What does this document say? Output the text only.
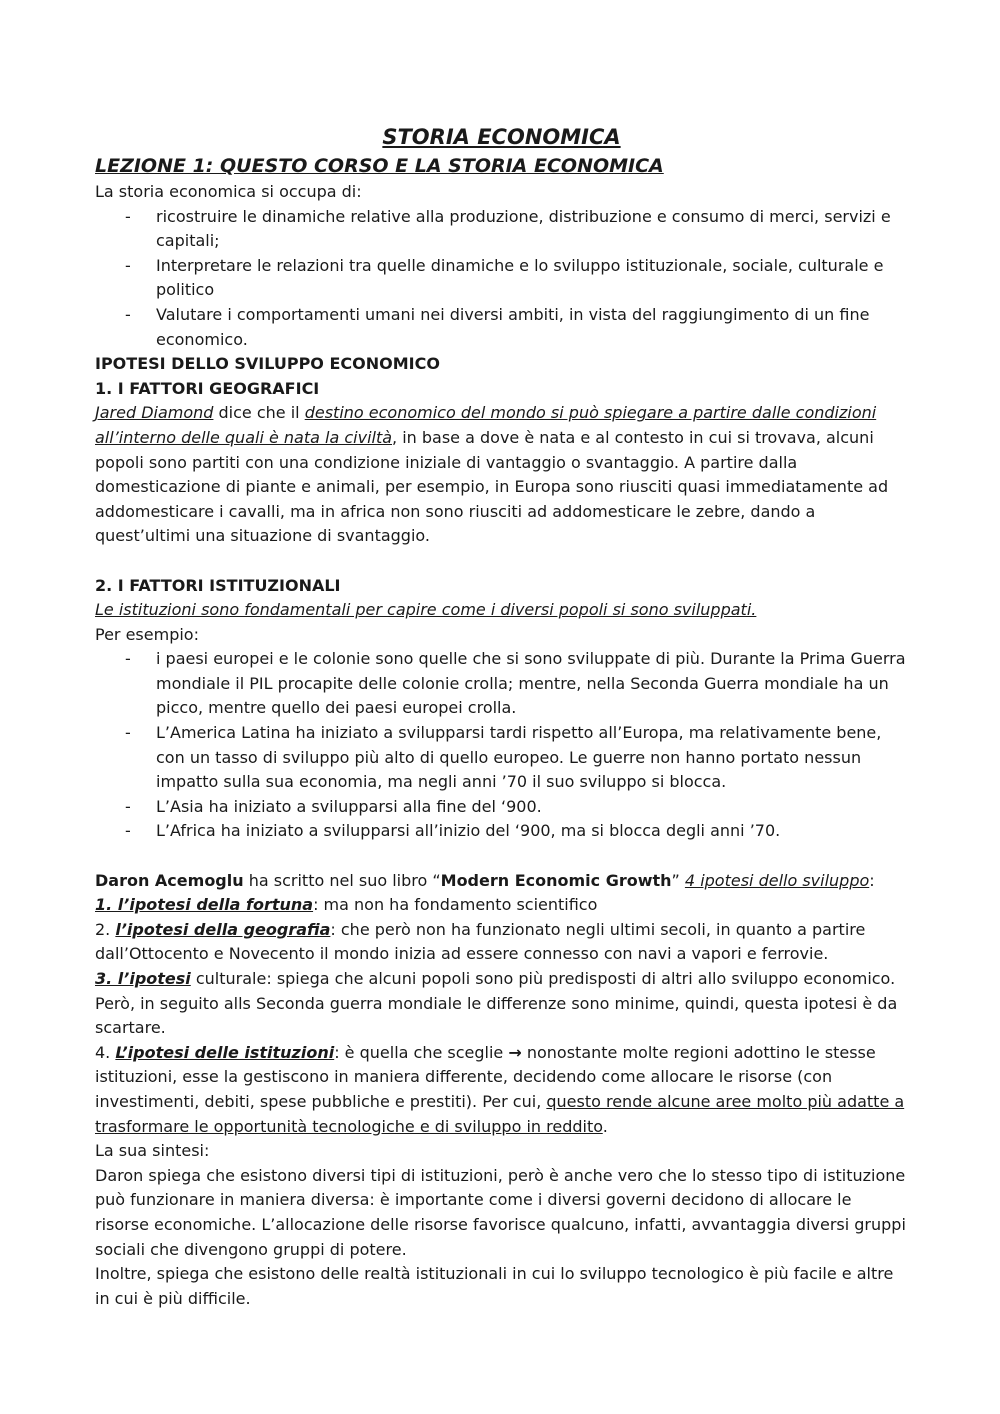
STORIA ECONOMICA
LEZIONE 1: QUESTO CORSO E LA STORIA ECONOMICA

La storia economica si occupa di:

- ricostruire le dinamiche relative alla produzione, distribuzione e consumo di merci, servizi e capitali;
- Interpretare le relazioni tra quelle dinamiche e lo sviluppo istituzionale, sociale, culturale e politico
- Valutare i comportamenti umani nei diversi ambiti, in vista del raggiungimento di un fine economico.

IPOTESI DELLO SVILUPPO ECONOMICO

1. I FATTORI GEOGRAFICI

Jared Diamond dice che il destino economico del mondo si può spiegare a partire dalle condizioni all’interno delle quali è nata la civiltà, in base a dove è nata e al contesto in cui si trovava, alcuni popoli sono partiti con una condizione iniziale di vantaggio o svantaggio. A partire dalla domesticazione di piante e animali, per esempio, in Europa sono riusciti quasi immediatamente ad addomesticare i cavalli, ma in africa non sono riusciti ad addomesticare le zebre, dando a quest’ultimi una situazione di svantaggio.

2. I FATTORI ISTITUZIONALI

Le istituzioni sono fondamentali per capire come i diversi popoli si sono sviluppati.

Per esempio:

- i paesi europei e le colonie sono quelle che si sono sviluppate di più. Durante la Prima Guerra mondiale il PIL procapite delle colonie crolla; mentre, nella Seconda Guerra mondiale ha un picco, mentre quello dei paesi europei crolla.
- L’America Latina ha iniziato a svilupparsi tardi rispetto all’Europa, ma relativamente bene, con un tasso di sviluppo più alto di quello europeo. Le guerre non hanno portato nessun impatto sulla sua economia, ma negli anni ’70 il suo sviluppo si blocca.
- L’Asia ha iniziato a svilupparsi alla fine del ‘900.
- L’Africa ha iniziato a svilupparsi all’inizio del ‘900, ma si blocca degli anni ’70.

Daron Acemoglu ha scritto nel suo libro “Modern Economic Growth” 4 ipotesi dello sviluppo:

1. l’ipotesi della fortuna: ma non ha fondamento scientifico

2. l’ipotesi della geografia: che però non ha funzionato negli ultimi secoli, in quanto a partire dall’Ottocento e Novecento il mondo inizia ad essere connesso con navi a vapori e ferrovie.

3. l’ipotesi culturale: spiega che alcuni popoli sono più predisposti di altri allo sviluppo economico. Però, in seguito alls Seconda guerra mondiale le differenze sono minime, quindi, questa ipotesi è da scartare.

4. L’ipotesi delle istituzioni: è quella che sceglie → nonostante molte regioni adottino le stesse istituzioni, esse la gestiscono in maniera differente, decidendo come allocare le risorse (con investimenti, debiti, spese pubbliche e prestiti). Per cui, questo rende alcune aree molto più adatte a trasformare le opportunità tecnologiche e di sviluppo in reddito.

La sua sintesi:

Daron spiega che esistono diversi tipi di istituzioni, però è anche vero che lo stesso tipo di istituzione può funzionare in maniera diversa: è importante come i diversi governi decidono di allocare le risorse economiche. L’allocazione delle risorse favorisce qualcuno, infatti, avvantaggia diversi gruppi sociali che divengono gruppi di potere.

Inoltre, spiega che esistono delle realtà istituzionali in cui lo sviluppo tecnologico è più facile e altre in cui è più difficile.
